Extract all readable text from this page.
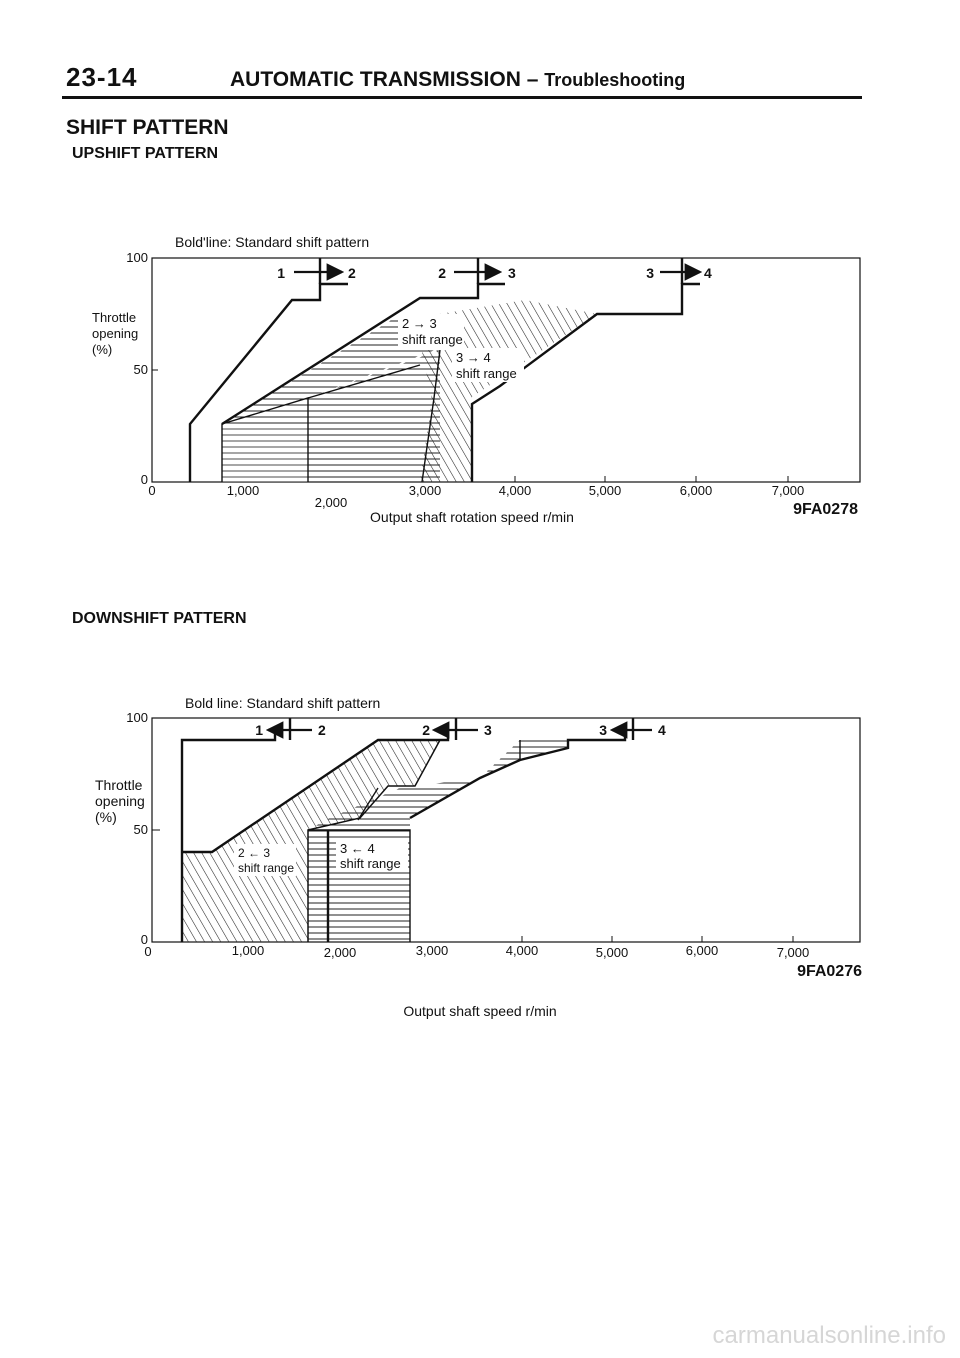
23-14	AUTOMATIC TRANSMISSION – Troubleshooting
SHIFT PATTERN
UPSHIFT PATTERN
DOWNSHIFT PATTERN
Bold'line: Standard shift pattern
100
50
0
Throttle
opening
(%)
1	2	2	3	3	4
2 → 3
shift range
3 → 4
shift range
0	1,000
2,000
3,000	4,000	5,000	6,000	7,000
Output shaft rotation speed r/min	9FA0278
Bold line: Standard shift pattern
100
50
0
Throttle
opening
(%)
1	2	2	3	3	4
2 ← 3
shift range
3 ← 4
shift range
0	1,000	2,000	3,000	4,000	5,000	6,000	7,000
9FA0276
Output shaft speed r/min
carmanualsonline.info
